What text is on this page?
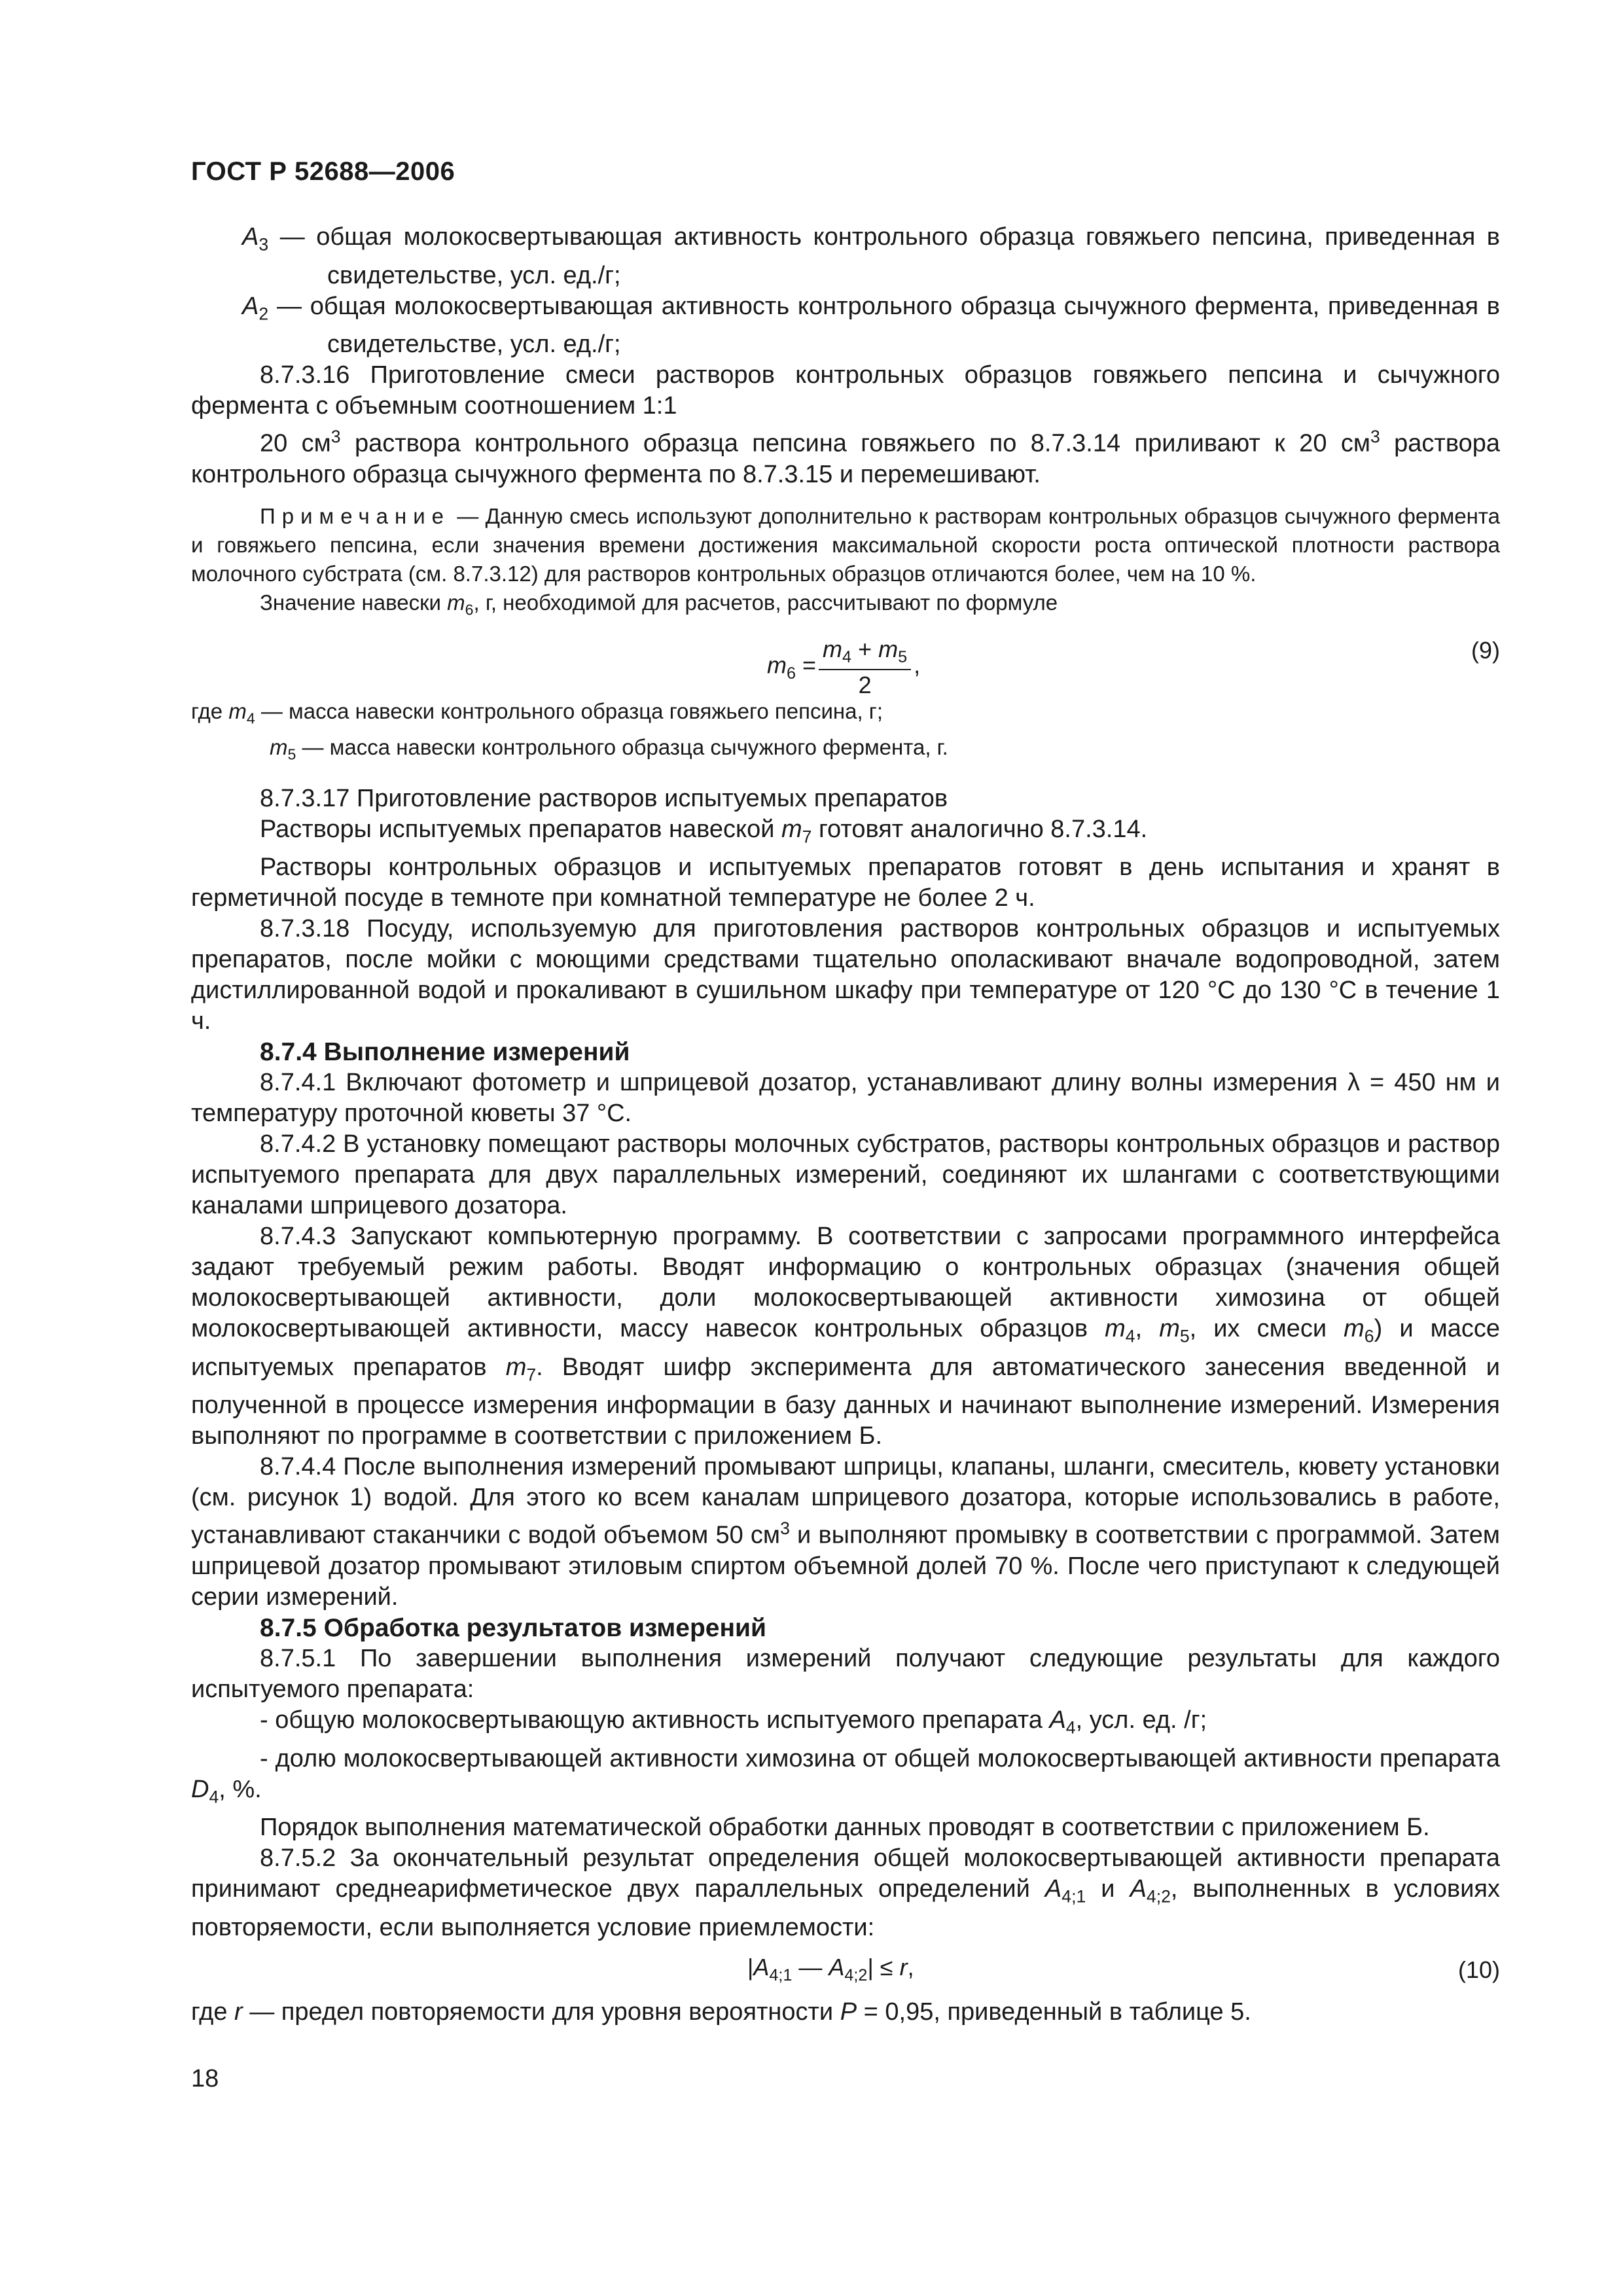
ГОСТ Р 52688—2006
$A_3$ — общая молокосвертывающая активность контрольного образца говяжьего пепсина, приведенная в свидетельстве, усл. ед./г;
$A_2$ — общая молокосвертывающая активность контрольного образца сычужного фермента, приведенная в свидетельстве, усл. ед./г;
8.7.3.16 Приготовление смеси растворов контрольных образцов говяжьего пепсина и сычужного фермента с объемным соотношением 1:1
20 $см^3$ раствора контрольного образца пепсина говяжьего по 8.7.3.14 приливают к 20 $см^3$ раствора контрольного образца сычужного фермента по 8.7.3.15 и перемешивают.
Примечание — Данную смесь используют дополнительно к растворам контрольных образцов сычужного фермента и говяжьего пепсина, если значения времени достижения максимальной скорости роста оптической плотности раствора молочного субстрата (см. 8.7.3.12) для растворов контрольных образцов отличаются более, чем на 10 %.
Значение навески $m_6$, г, необходимой для расчетов, рассчитывают по формуле
$m_6 = \frac{m_4 + m_5}{2}$ ,
(9)
где $m_4$ — масса навески контрольного образца говяжьего пепсина, г;
$m_5$ — масса навески контрольного образца сычужного фермента, г.
8.7.3.17 Приготовление растворов испытуемых препаратов
Растворы испытуемых препаратов навеской $m_7$ готовят аналогично 8.7.3.14.
Растворы контрольных образцов и испытуемых препаратов готовят в день испытания и хранят в герметичной посуде в темноте при комнатной температуре не более 2 ч.
8.7.3.18 Посуду, используемую для приготовления растворов контрольных образцов и испытуемых препаратов, после мойки с моющими средствами тщательно ополаскивают вначале водопроводной, затем дистиллированной водой и прокаливают в сушильном шкафу при температуре от 120 °С до 130 °С в течение 1 ч.
8.7.4 Выполнение измерений
8.7.4.1 Включают фотометр и шприцевой дозатор, устанавливают длину волны измерения λ = 450 нм и температуру проточной кюветы 37 °С.
8.7.4.2 В установку помещают растворы молочных субстратов, растворы контрольных образцов и раствор испытуемого препарата для двух параллельных измерений, соединяют их шлангами с соответствующими каналами шприцевого дозатора.
8.7.4.3 Запускают компьютерную программу. В соответствии с запросами программного интерфейса задают требуемый режим работы. Вводят информацию о контрольных образцах (значения общей молокосвертывающей активности, доли молокосвертывающей активности химозина от общей молокосвертывающей активности, массу навесок контрольных образцов $m_4$, $m_5$, их смеси $m_6$) и массе испытуемых препаратов $m_7$. Вводят шифр эксперимента для автоматического занесения введенной и полученной в процессе измерения информации в базу данных и начинают выполнение измерений. Измерения выполняют по программе в соответствии с приложением Б.
8.7.4.4 После выполнения измерений промывают шприцы, клапаны, шланги, смеситель, кювету установки (см. рисунок 1) водой. Для этого ко всем каналам шприцевого дозатора, которые использовались в работе, устанавливают стаканчики с водой объемом 50 $см^3$ и выполняют промывку в соответствии с программой. Затем шприцевой дозатор промывают этиловым спиртом объемной долей 70 %. После чего приступают к следующей серии измерений.
8.7.5 Обработка результатов измерений
8.7.5.1 По завершении выполнения измерений получают следующие результаты для каждого испытуемого препарата:
- общую молокосвертывающую активность испытуемого препарата $A_4$, усл. ед. /г;
- долю молокосвертывающей активности химозина от общей молокосвертывающей активности препарата $D_4$, %.
Порядок выполнения математической обработки данных проводят в соответствии с приложением Б.
8.7.5.2 За окончательный результат определения общей молокосвертывающей активности препарата принимают среднеарифметическое двух параллельных определений $A_{4;1}$ и $A_{4;2}$, выполненных в условиях повторяемости, если выполняется условие приемлемости:
$|A_{4;1}$ — $A_{4;2}| \le r$,	(10)
где r — предел повторяемости для уровня вероятности P = 0,95, приведенный в таблице 5.
18
